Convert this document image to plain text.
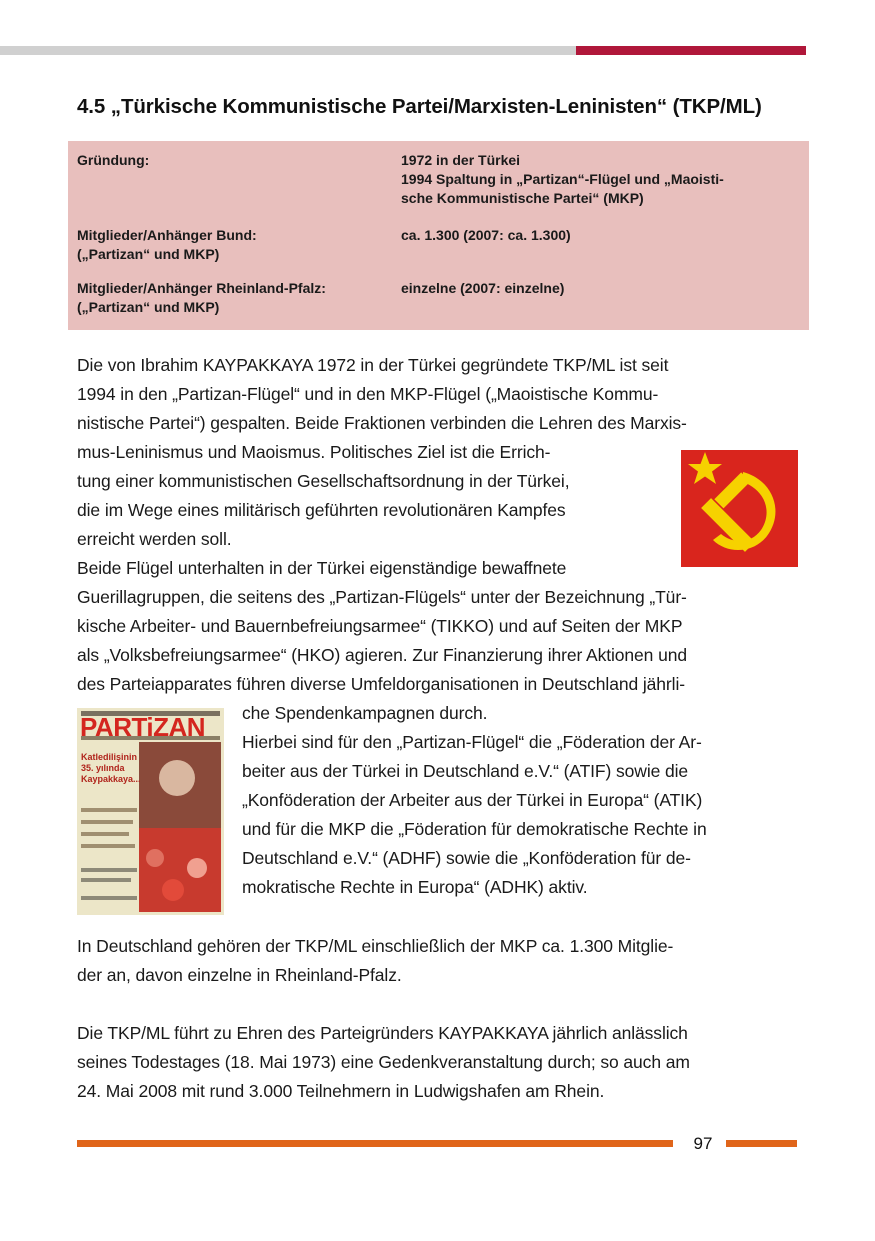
4.5 „Türkische Kommunistische Partei/Marxisten-Leninisten“ (TKP/ML)
Gründung:	1972 in der Türkei
1994 Spaltung in „Partizan“-Flügel und „Maoisti-
sche Kommunistische Partei“ (MKP)
Mitglieder/Anhänger Bund:
(„Partizan“ und MKP)
ca. 1.300 (2007: ca. 1.300)
Mitglieder/Anhänger Rheinland-Pfalz:
(„Partizan“ und MKP)
einzelne (2007: einzelne)
Die von Ibrahim KAYPAKKAYA 1972 in der Türkei gegründete TKP/ML ist seit
1994 in den „Partizan-Flügel“ und in den MKP-Flügel („Maoistische Kommu-
nistische Partei“) gespalten. Beide Fraktionen verbinden die Lehren des Marxis-
mus-Leninismus und Maoismus. Politisches Ziel ist die Errich-
tung einer kommunistischen Gesellschaftsordnung in der Türkei,
die im Wege eines militärisch geführten revolutionären Kampfes
erreicht werden soll.
Beide Flügel unterhalten in der Türkei eigenständige bewaffnete
Guerillagruppen, die seitens des „Partizan-Flügels“ unter der Bezeichnung „Tür-
kische Arbeiter- und Bauernbefreiungsarmee“ (TIKKO) und auf Seiten der MKP
als „Volksbefreiungsarmee“ (HKO) agieren. Zur Finanzierung ihrer Aktionen und
des Parteiapparates führen diverse Umfeldorganisationen in Deutschland jährli-
che Spendenkampagnen durch.
Hierbei sind für den „Partizan-Flügel“ die „Föderation der Ar-
beiter aus der Türkei in Deutschland e.V.“ (ATIF) sowie die
„Konföderation der Arbeiter aus der Türkei in Europa“ (ATIK)
und für die MKP die „Föderation für demokratische Rechte in
Deutschland e.V.“ (ADHF) sowie die „Konföderation für de-
mokratische Rechte in Europa“ (ADHK) aktiv.
In Deutschland gehören der TKP/ML einschließlich der MKP ca. 1.300 Mitglie-
der an, davon einzelne in Rheinland-Pfalz.
Die TKP/ML führt zu Ehren des Parteigründers KAYPAKKAYA jährlich anlässlich
seines Todestages (18. Mai 1973) eine Gedenkveranstaltung durch; so auch am
24. Mai 2008 mit rund 3.000 Teilnehmern in Ludwigshafen am Rhein.
PARTiZAN
Katledilişinin
35. yılında
Kaypakkaya...
97
